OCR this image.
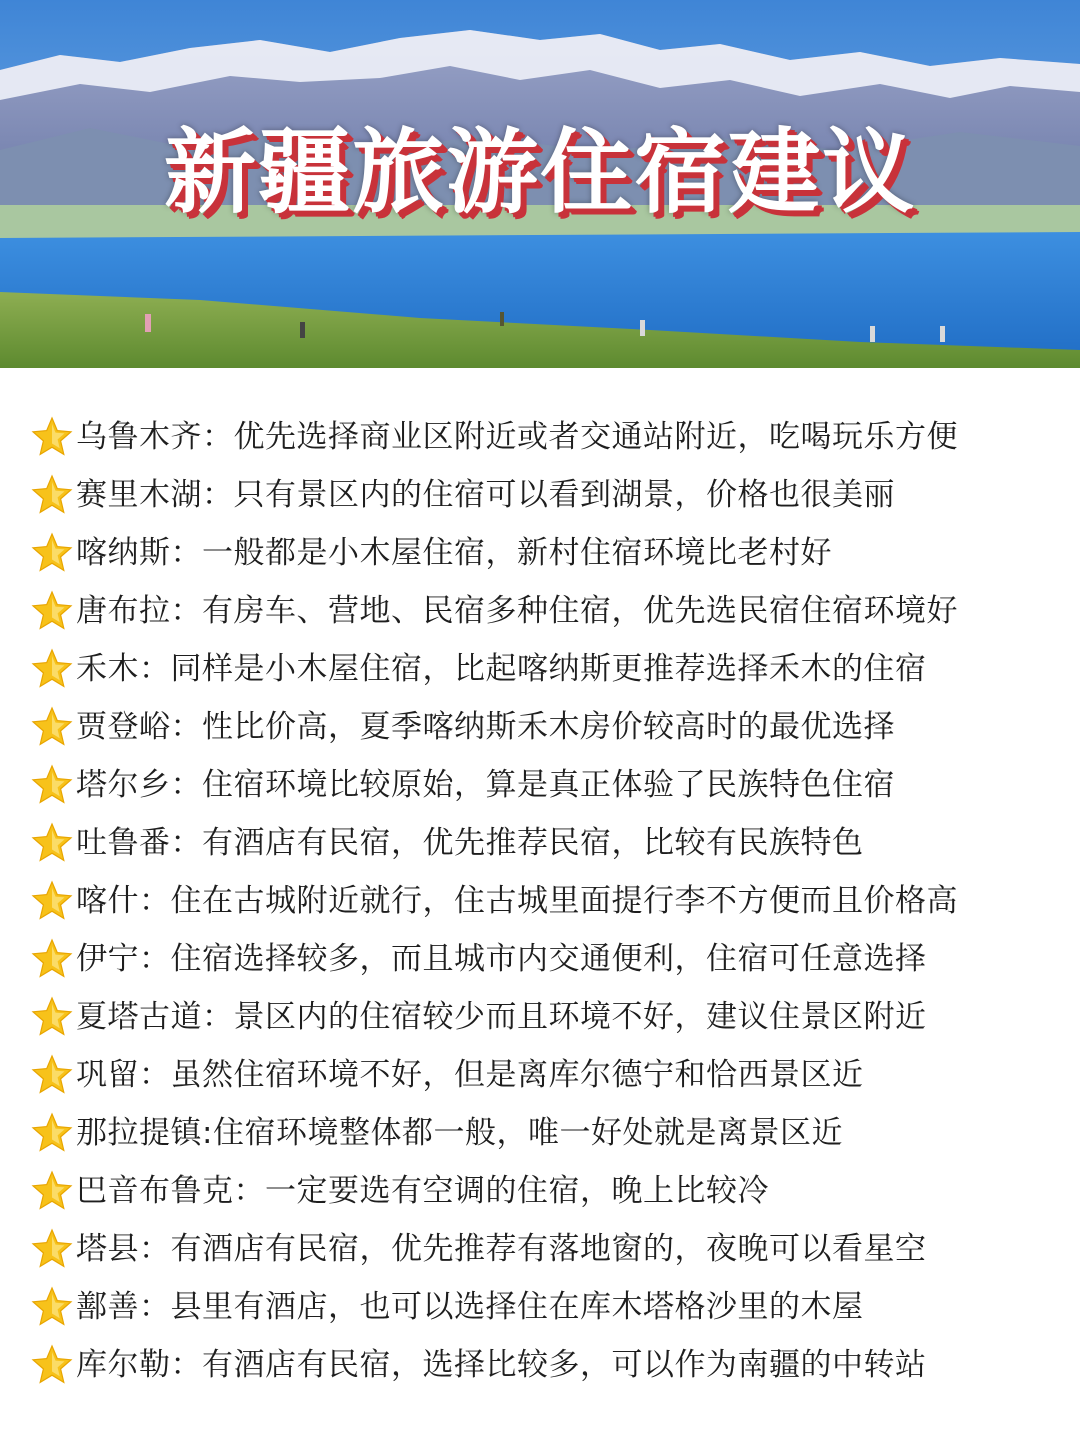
新疆旅游住宿建议
乌鲁木齐：优先选择商业区附近或者交通站附近，吃喝玩乐方便
赛里木湖：只有景区内的住宿可以看到湖景，价格也很美丽
喀纳斯：一般都是小木屋住宿，新村住宿环境比老村好
唐布拉：有房车、营地、民宿多种住宿，优先选民宿住宿环境好
禾木：同样是小木屋住宿，比起喀纳斯更推荐选择禾木的住宿
贾登峪：性比价高，夏季喀纳斯禾木房价较高时的最优选择
塔尔乡：住宿环境比较原始，算是真正体验了民族特色住宿
吐鲁番：有酒店有民宿，优先推荐民宿，比较有民族特色
喀什：住在古城附近就行，住古城里面提行李不方便而且价格高
伊宁：住宿选择较多，而且城市内交通便利，住宿可任意选择
夏塔古道：景区内的住宿较少而且环境不好，建议住景区附近
巩留：虽然住宿环境不好，但是离库尔德宁和恰西景区近
那拉提镇:住宿环境整体都一般，唯一好处就是离景区近
巴音布鲁克：一定要选有空调的住宿，晚上比较冷
塔县：有酒店有民宿，优先推荐有落地窗的，夜晚可以看星空
鄯善：县里有酒店，也可以选择住在库木塔格沙里的木屋
库尔勒：有酒店有民宿，选择比较多，可以作为南疆的中转站
